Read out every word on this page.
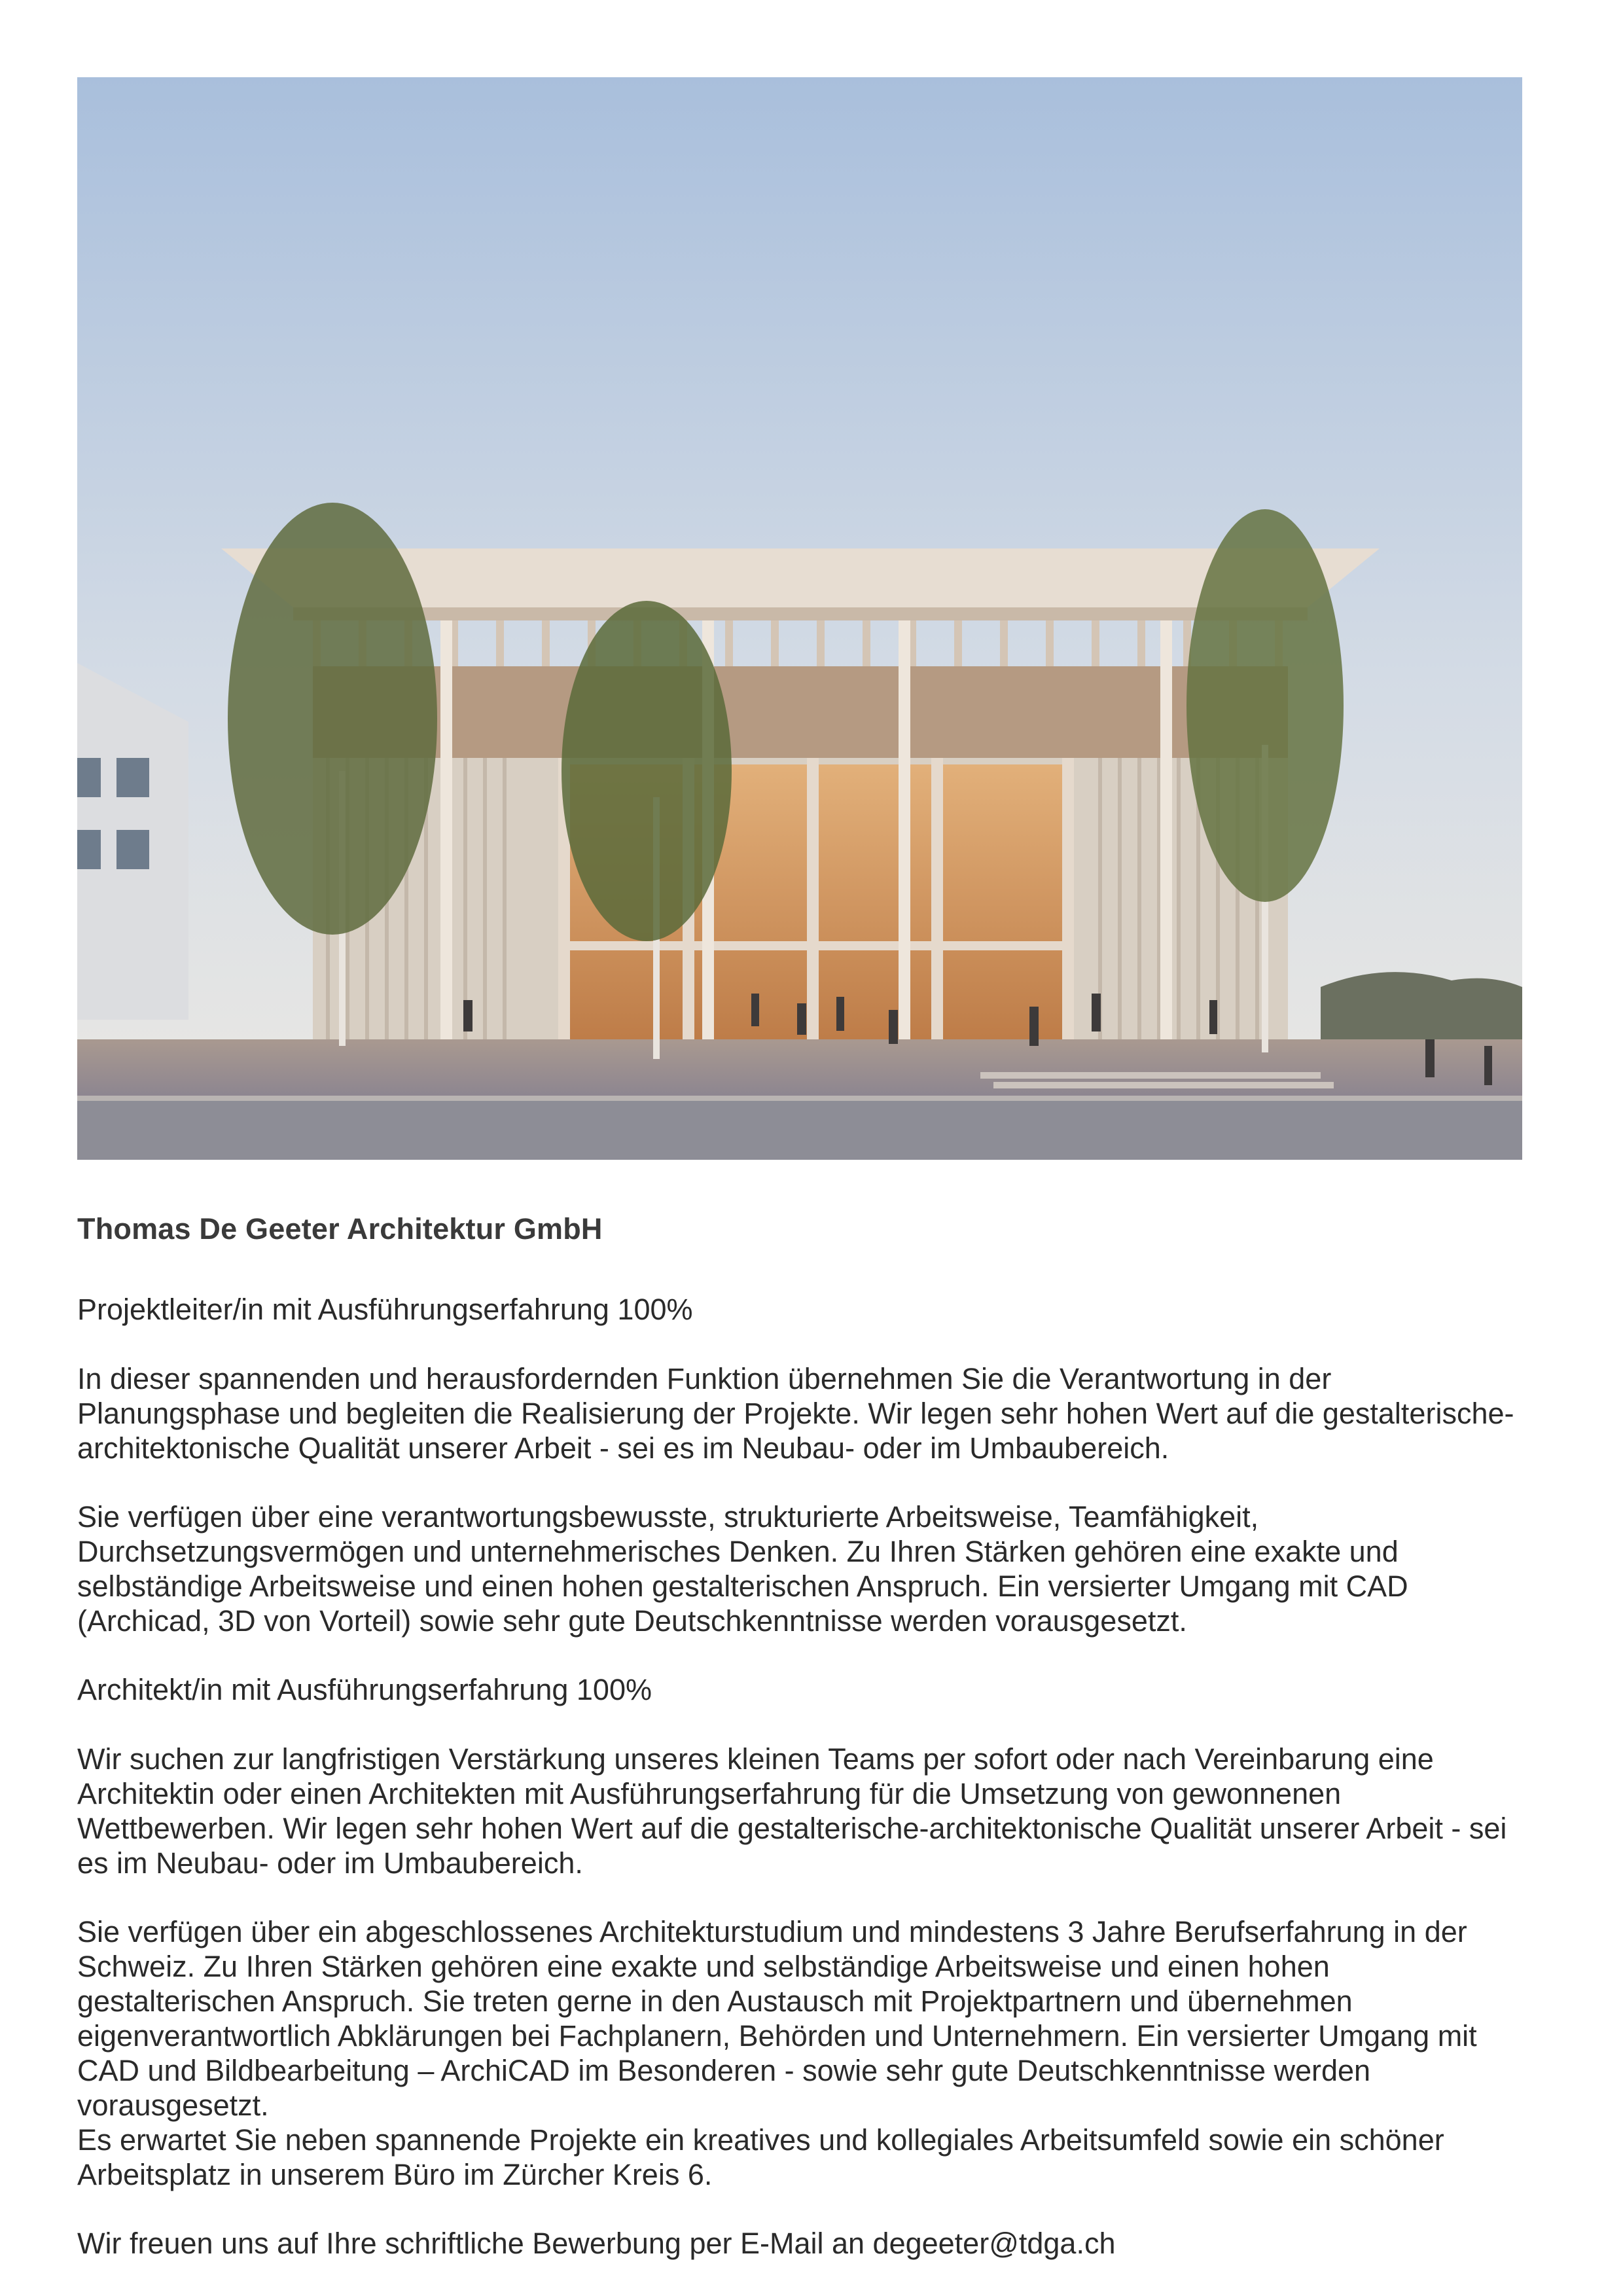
Thomas De Geeter Architektur GmbH

Projektleiter/in mit Ausführungserfahrung 100%

In dieser spannenden und herausfordernden Funktion übernehmen Sie die Verantwortung in der Planungsphase und begleiten die Realisierung der Projekte. Wir legen sehr hohen Wert auf die gestalterische-architektonische Qualität unserer Arbeit - sei es im Neubau- oder im Umbaubereich.

Sie verfügen über eine verantwortungsbewusste, strukturierte Arbeitsweise, Teamfähigkeit, Durchsetzungsvermögen und unternehmerisches Denken. Zu Ihren Stärken gehören eine exakte und selbständige Arbeitsweise und einen hohen gestalterischen Anspruch. Ein versierter Umgang mit CAD (Archicad, 3D von Vorteil) sowie sehr gute Deutschkenntnisse werden vorausgesetzt.

Architekt/in mit Ausführungserfahrung 100%

Wir suchen zur langfristigen Verstärkung unseres kleinen Teams per sofort oder nach Vereinbarung eine Architektin oder einen Architekten mit Ausführungserfahrung für die Umsetzung von gewonnenen Wettbewerben. Wir legen sehr hohen Wert auf die gestalterische-architektonische Qualität unserer Arbeit - sei es im Neubau- oder im Umbaubereich.

Sie verfügen über ein abgeschlossenes Architekturstudium und mindestens 3 Jahre Berufserfahrung in der Schweiz. Zu Ihren Stärken gehören eine exakte und selbständige Arbeitsweise und einen hohen gestalterischen Anspruch. Sie treten gerne in den Austausch mit Projektpartnern und übernehmen eigenverantwortlich Abklärungen bei Fachplanern, Behörden und Unternehmern. Ein versierter Umgang mit CAD und Bildbearbeitung – ArchiCAD im Besonderen - sowie sehr gute Deutschkenntnisse werden vorausgesetzt.

Es erwartet Sie neben spannende Projekte ein kreatives und kollegiales Arbeitsumfeld sowie ein schöner Arbeitsplatz in unserem Büro im Zürcher Kreis 6.

Wir freuen uns auf Ihre schriftliche Bewerbung per E-Mail an degeeter@tdga.ch
